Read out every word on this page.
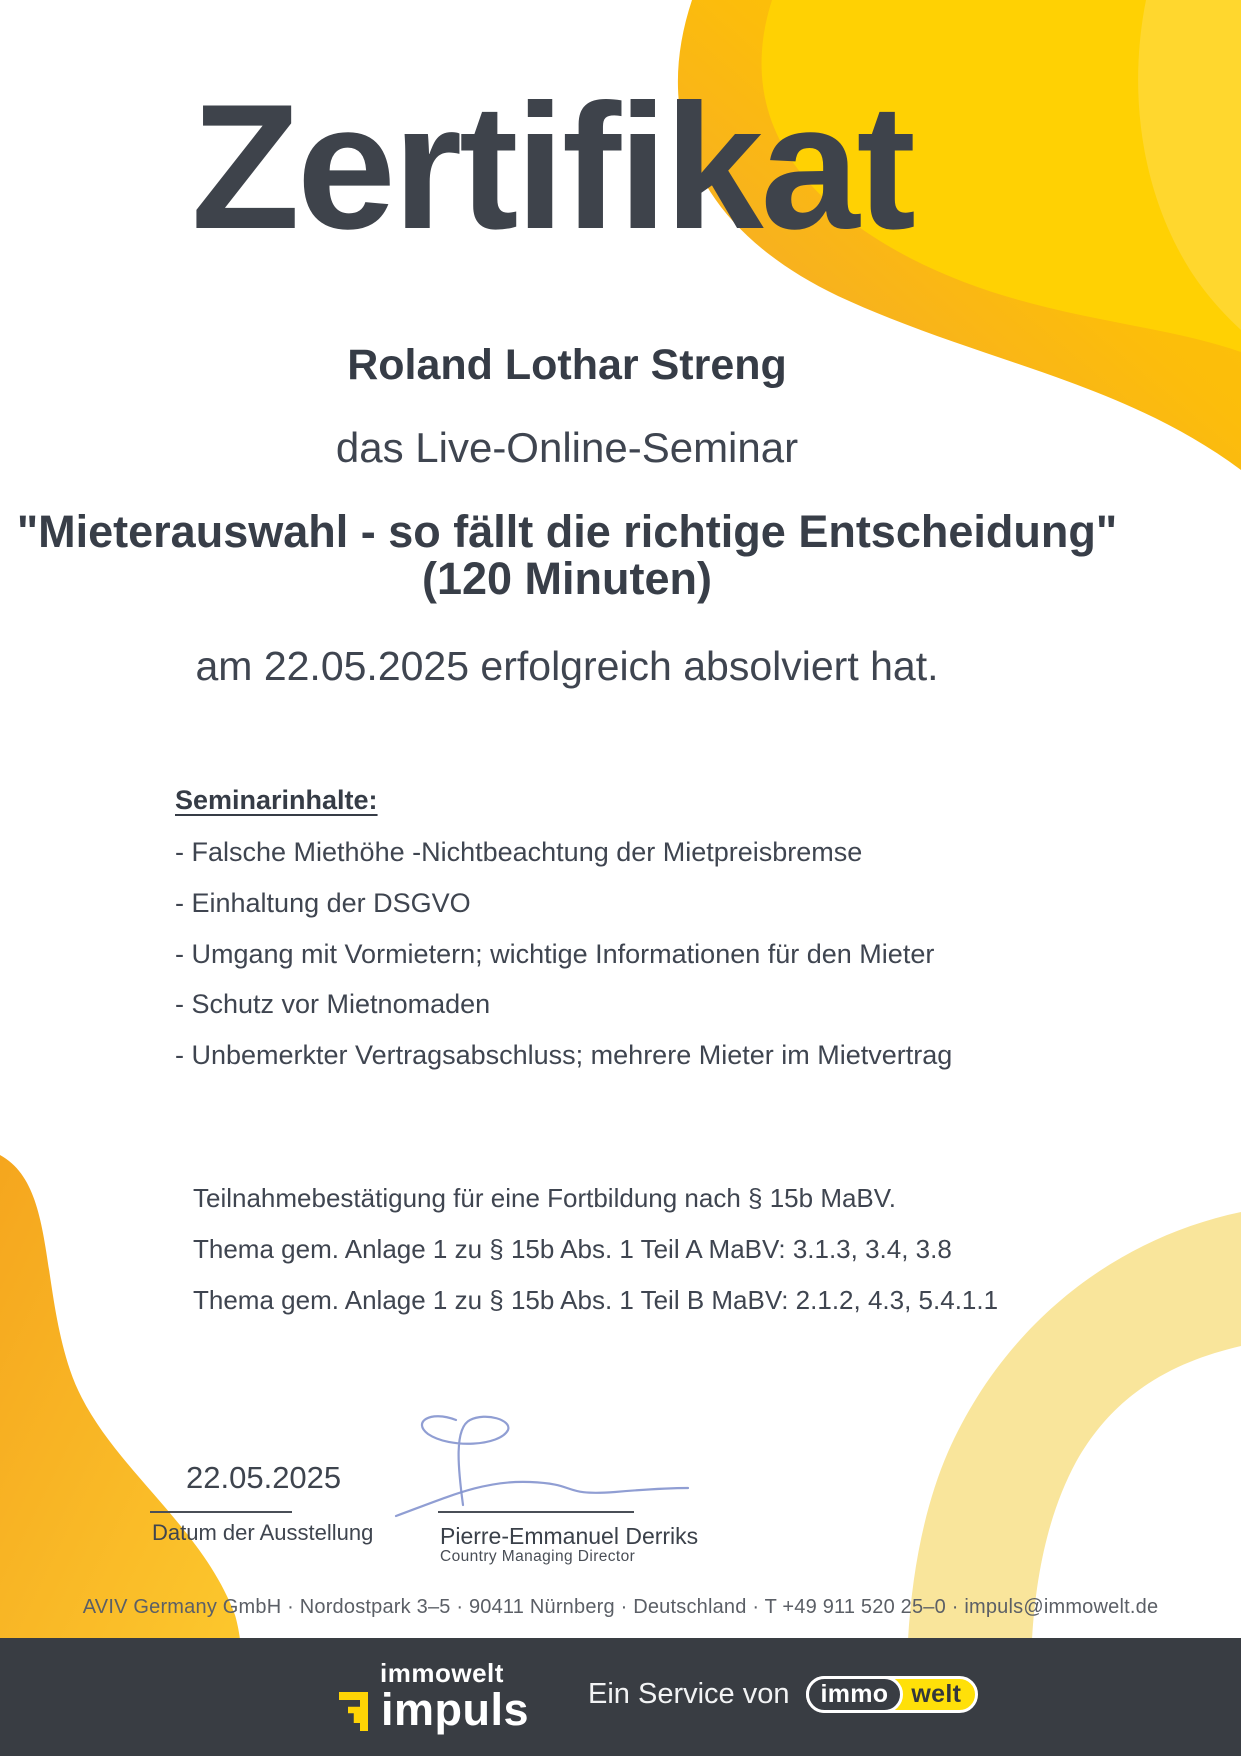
Zertifikat

Roland Lothar Streng

das Live-Online-Seminar

"Mieterauswahl - so fällt die richtige Entscheidung"
(120 Minuten)

am 22.05.2025 erfolgreich absolviert hat.

Seminarinhalte:
- Falsche Miethöhe -Nichtbeachtung der Mietpreisbremse
- Einhaltung der DSGVO
- Umgang mit Vormietern; wichtige Informationen für den Mieter
- Schutz vor Mietnomaden
- Unbemerkter Vertragsabschluss; mehrere Mieter im Mietvertrag

Teilnahmebestätigung für eine Fortbildung nach § 15b MaBV.

Thema gem. Anlage 1 zu § 15b Abs. 1 Teil A MaBV: 3.1.3, 3.4, 3.8

Thema gem. Anlage 1 zu § 15b Abs. 1 Teil B MaBV: 2.1.2, 4.3, 5.4.1.1

22.05.2025
Datum der Ausstellung	Pierre-Emmanuel Derriks
Country Managing Director
AVIV Germany GmbH · Nordostpark 3–5 · 90411 Nürnberg · Deutschland · T +49 911 520 25–0 · impuls@immowelt.de
immowelt
impuls Ein Service von	immo welt
